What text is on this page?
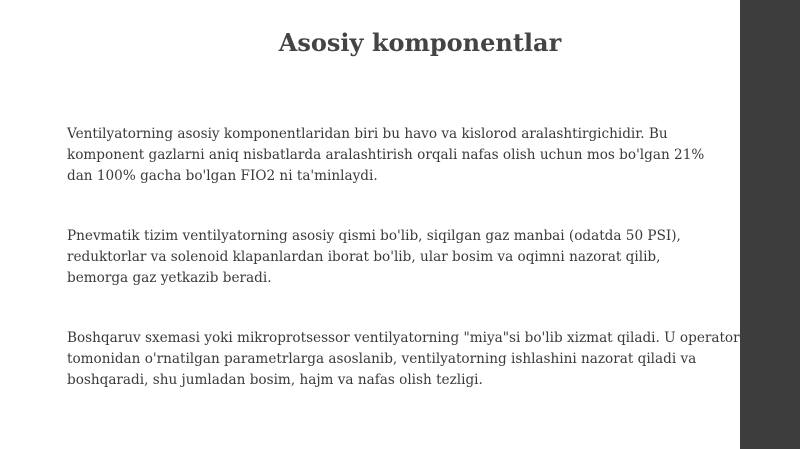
Asosiy komponentlar

Ventilyatorning asosiy komponentlaridan biri bu havo va kislorod aralashtirgichidir. Bu
komponent gazlarni aniq nisbatlarda aralashtirish orqali nafas olish uchun mos bo'lgan 21%
dan 100% gacha bo'lgan FIO2 ni ta'minlaydi.

Pnevmatik tizim ventilyatorning asosiy qismi bo'lib, siqilgan gaz manbai (odatda 50 PSI),
reduktorlar va solenoid klapanlardan iborat bo'lib, ular bosim va oqimni nazorat qilib,
bemorga gaz yetkazib beradi.

Boshqaruv sxemasi yoki mikroprotsessor ventilyatorning "miya"si bo'lib xizmat qiladi. U operator
tomonidan o'rnatilgan parametrlarga asoslanib, ventilyatorning ishlashini nazorat qiladi va
boshqaradi, shu jumladan bosim, hajm va nafas olish tezligi.
